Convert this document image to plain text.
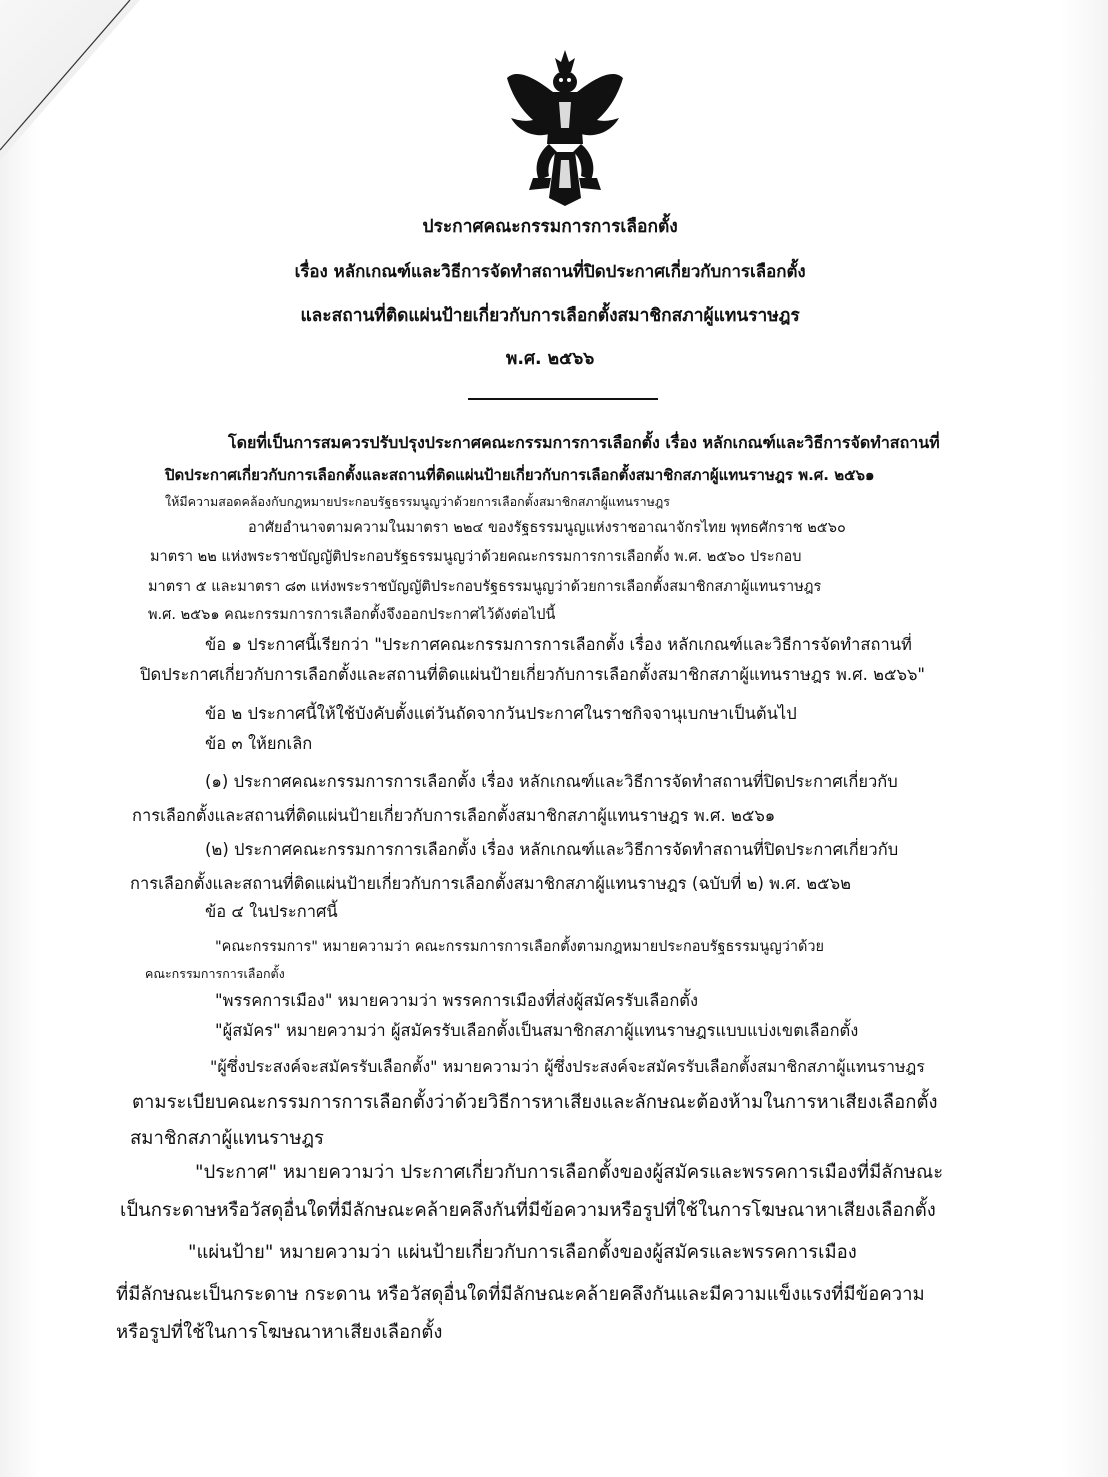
ประกาศคณะกรรมการการเลือกตั้ง
เรื่อง หลักเกณฑ์และวิธีการจัดทำสถานที่ปิดประกาศเกี่ยวกับการเลือกตั้ง
และสถานที่ติดแผ่นป้ายเกี่ยวกับการเลือกตั้งสมาชิกสภาผู้แทนราษฎร
พ.ศ. ๒๕๖๖
โดยที่เป็นการสมควรปรับปรุงประกาศคณะกรรมการการเลือกตั้ง เรื่อง หลักเกณฑ์และวิธีการจัดทำสถานที่
ปิดประกาศเกี่ยวกับการเลือกตั้งและสถานที่ติดแผ่นป้ายเกี่ยวกับการเลือกตั้งสมาชิกสภาผู้แทนราษฎร พ.ศ. ๒๕๖๑
ให้มีความสอดคล้องกับกฎหมายประกอบรัฐธรรมนูญว่าด้วยการเลือกตั้งสมาชิกสภาผู้แทนราษฎร
อาศัยอำนาจตามความในมาตรา ๒๒๔ ของรัฐธรรมนูญแห่งราชอาณาจักรไทย พุทธศักราช ๒๕๖๐
มาตรา ๒๒ แห่งพระราชบัญญัติประกอบรัฐธรรมนูญว่าด้วยคณะกรรมการการเลือกตั้ง พ.ศ. ๒๕๖๐ ประกอบ
มาตรา ๕ และมาตรา ๘๓ แห่งพระราชบัญญัติประกอบรัฐธรรมนูญว่าด้วยการเลือกตั้งสมาชิกสภาผู้แทนราษฎร
พ.ศ. ๒๕๖๑ คณะกรรมการการเลือกตั้งจึงออกประกาศไว้ดังต่อไปนี้
ข้อ ๑ ประกาศนี้เรียกว่า "ประกาศคณะกรรมการการเลือกตั้ง เรื่อง หลักเกณฑ์และวิธีการจัดทำสถานที่
ปิดประกาศเกี่ยวกับการเลือกตั้งและสถานที่ติดแผ่นป้ายเกี่ยวกับการเลือกตั้งสมาชิกสภาผู้แทนราษฎร พ.ศ. ๒๕๖๖"
ข้อ ๒ ประกาศนี้ให้ใช้บังคับตั้งแต่วันถัดจากวันประกาศในราชกิจจานุเบกษาเป็นต้นไป
ข้อ ๓ ให้ยกเลิก
(๑) ประกาศคณะกรรมการการเลือกตั้ง เรื่อง หลักเกณฑ์และวิธีการจัดทำสถานที่ปิดประกาศเกี่ยวกับ
การเลือกตั้งและสถานที่ติดแผ่นป้ายเกี่ยวกับการเลือกตั้งสมาชิกสภาผู้แทนราษฎร พ.ศ. ๒๕๖๑
(๒) ประกาศคณะกรรมการการเลือกตั้ง เรื่อง หลักเกณฑ์และวิธีการจัดทำสถานที่ปิดประกาศเกี่ยวกับ
การเลือกตั้งและสถานที่ติดแผ่นป้ายเกี่ยวกับการเลือกตั้งสมาชิกสภาผู้แทนราษฎร (ฉบับที่ ๒) พ.ศ. ๒๕๖๒
ข้อ ๔ ในประกาศนี้
"คณะกรรมการ" หมายความว่า คณะกรรมการการเลือกตั้งตามกฎหมายประกอบรัฐธรรมนูญว่าด้วย
คณะกรรมการการเลือกตั้ง
"พรรคการเมือง" หมายความว่า พรรคการเมืองที่ส่งผู้สมัครรับเลือกตั้ง
"ผู้สมัคร" หมายความว่า ผู้สมัครรับเลือกตั้งเป็นสมาชิกสภาผู้แทนราษฎรแบบแบ่งเขตเลือกตั้ง
"ผู้ซึ่งประสงค์จะสมัครรับเลือกตั้ง" หมายความว่า ผู้ซึ่งประสงค์จะสมัครรับเลือกตั้งสมาชิกสภาผู้แทนราษฎร
ตามระเบียบคณะกรรมการการเลือกตั้งว่าด้วยวิธีการหาเสียงและลักษณะต้องห้ามในการหาเสียงเลือกตั้ง
สมาชิกสภาผู้แทนราษฎร
"ประกาศ" หมายความว่า ประกาศเกี่ยวกับการเลือกตั้งของผู้สมัครและพรรคการเมืองที่มีลักษณะ
เป็นกระดาษหรือวัสดุอื่นใดที่มีลักษณะคล้ายคลึงกันที่มีข้อความหรือรูปที่ใช้ในการโฆษณาหาเสียงเลือกตั้ง
"แผ่นป้าย" หมายความว่า แผ่นป้ายเกี่ยวกับการเลือกตั้งของผู้สมัครและพรรคการเมือง
ที่มีลักษณะเป็นกระดาษ กระดาน หรือวัสดุอื่นใดที่มีลักษณะคล้ายคลึงกันและมีความแข็งแรงที่มีข้อความ
หรือรูปที่ใช้ในการโฆษณาหาเสียงเลือกตั้ง
